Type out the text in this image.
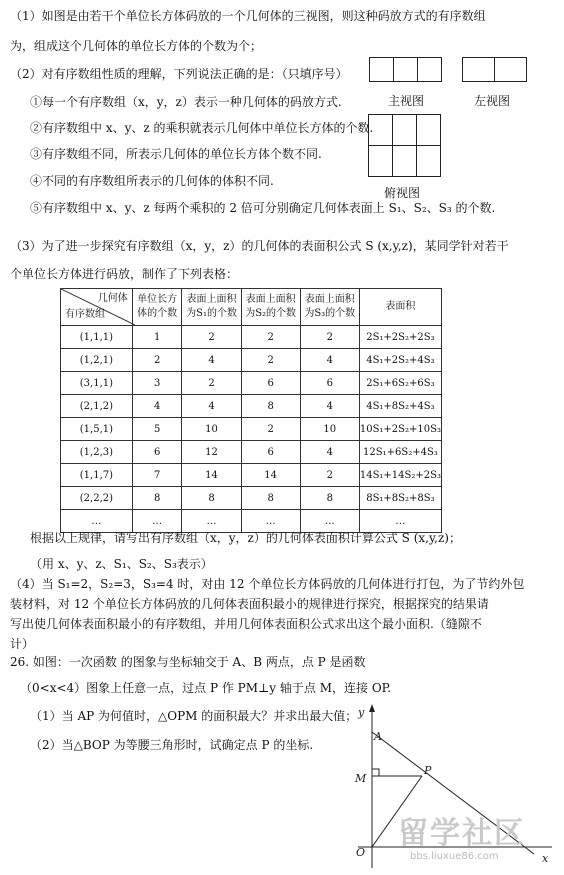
（1）如图是由若干个单位长方体码放的一个几何体的三视图，则这种码放方式的有序数组
为，组成这个几何体的单位长方体的个数为个；
（2）对有序数组性质的理解，下列说法正确的是：（只填序号）
①每一个有序数组（x，y，z）表示一种几何体的码放方式.
②有序数组中 x、y、z 的乘积就表示几何体中单位长方体的个数.
③有序数组不同，所表示几何体的单位长方体个数不同.
④不同的有序数组所表示的几何体的体积不同.
⑤有序数组中 x、y、z 每两个乘积的 2 倍可分别确定几何体表面上 S₁、S₂、S₃ 的个数.
主视图	左视图
俯视图
（3）为了进一步探究有序数组（x，y，z）的几何体的表面积公式 S (x,y,z)，某同学针对若干
个单位长方体进行码放，制作了下列表格：
几何体
有序数组	单位长方体的个数	表面上面积为S₁的个数	表面上面积为S₂的个数	表面上面积为S₃的个数	表面积
(1,1,1)	1	2	2	2	2S₁+2S₂+2S₃
(1,2,1)	2	4	2	4	4S₁+2S₂+4S₃
(3,1,1)	3	2	6	6	2S₁+6S₂+6S₃
(2,1,2)	4	4	8	4	4S₁+8S₂+4S₃
(1,5,1)	5	10	2	10	10S₁+2S₂+10S₃
(1,2,3)	6	12	6	4	12S₁+6S₂+4S₃
(1,1,7)	7	14	14	2	14S₁+14S₂+2S₃
(2,2,2)	8	8	8	8	8S₁+8S₂+8S₃
…	…	…	…	…	…
根据以上规律，请写出有序数组（x，y，z）的几何体表面积计算公式 S (x,y,z)；
（用 x、y、z、S₁、S₂、S₃表示）
（4）当 S₁=2，S₂=3，S₃=4 时，对由 12 个单位长方体码放的几何体进行打包，为了节约外包
装材料，对 12 个单位长方体码放的几何体表面积最小的规律进行探究，根据探究的结果请
写出使几何体表面积最小的有序数组，并用几何体表面积公式求出这个最小面积.（缝隙不
计）
26. 如图：一次函数 的图象与坐标轴交于 A、B 两点，点 P 是函数
（0<x<4）图象上任意一点，过点 P 作 PM⊥y 轴于点 M，连接 OP.
（1）当 AP 为何值时，△OPM 的面积最大？并求出最大值；
（2）当△BOP 为等腰三角形时，试确定点 P 的坐标.
y
A
M
P
O	x
留学社区
bbs.liuxue86.com
